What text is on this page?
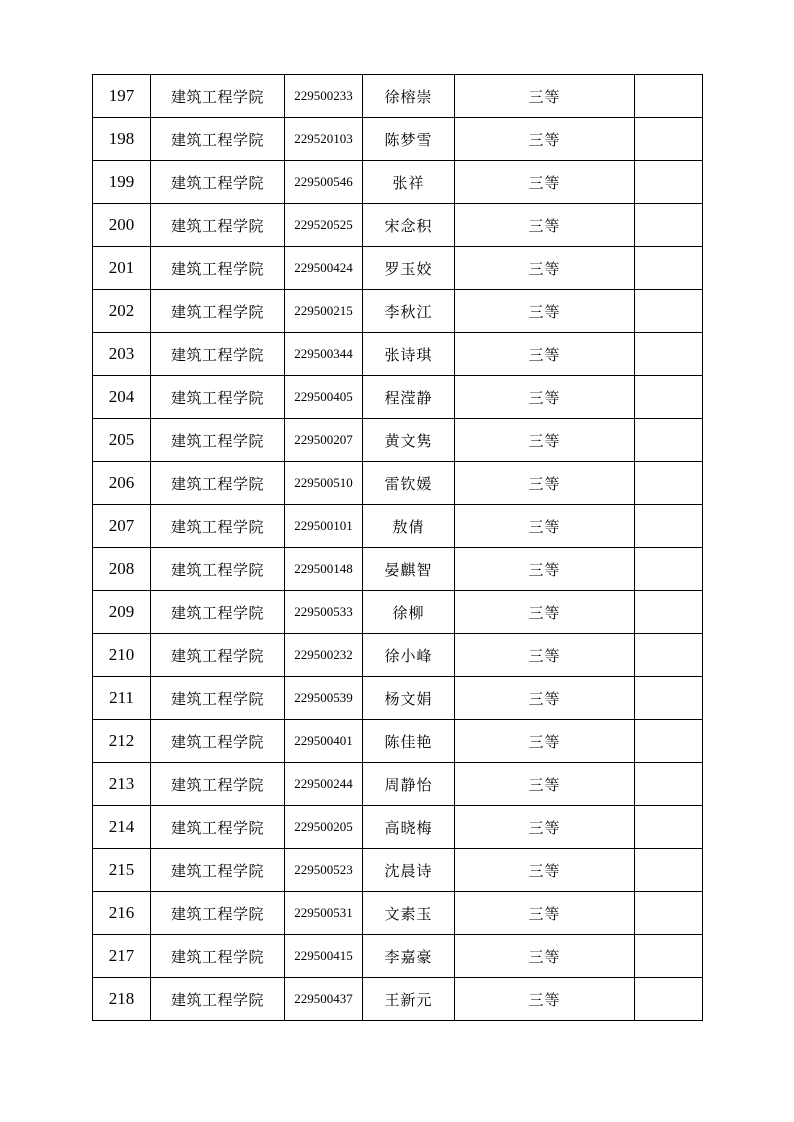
197	建筑工程学院	229500233	徐榕崇	三等	
198	建筑工程学院	229520103	陈梦雪	三等	
199	建筑工程学院	229500546	张祥	三等	
200	建筑工程学院	229520525	宋念积	三等	
201	建筑工程学院	229500424	罗玉姣	三等	
202	建筑工程学院	229500215	李秋江	三等	
203	建筑工程学院	229500344	张诗琪	三等	
204	建筑工程学院	229500405	程滢静	三等	
205	建筑工程学院	229500207	黄文隽	三等	
206	建筑工程学院	229500510	雷钦媛	三等	
207	建筑工程学院	229500101	敖倩	三等	
208	建筑工程学院	229500148	晏麒智	三等	
209	建筑工程学院	229500533	徐柳	三等	
210	建筑工程学院	229500232	徐小峰	三等	
211	建筑工程学院	229500539	杨文娟	三等	
212	建筑工程学院	229500401	陈佳艳	三等	
213	建筑工程学院	229500244	周静怡	三等	
214	建筑工程学院	229500205	高晓梅	三等	
215	建筑工程学院	229500523	沈晨诗	三等	
216	建筑工程学院	229500531	文素玉	三等	
217	建筑工程学院	229500415	李嘉豪	三等	
218	建筑工程学院	229500437	王新元	三等	
